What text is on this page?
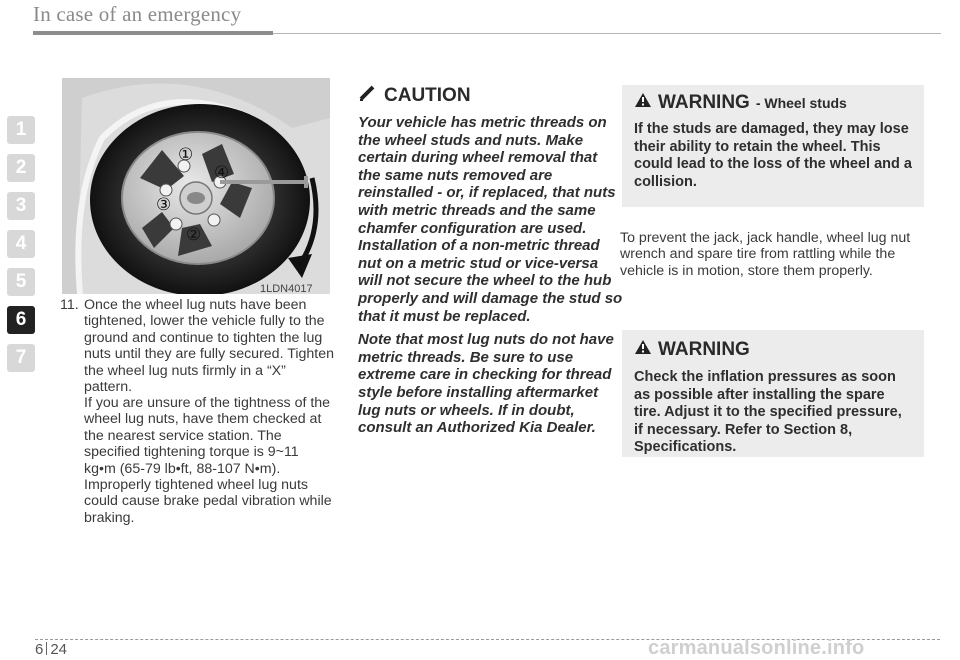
In case of an emergency
1
2
3
4
5
6
7
①
④
③
②
1LDN4017
11. Once the wheel lug nuts have been tightened, lower the vehicle fully to the ground and continue to tighten the lug nuts until they are fully secured. Tighten the wheel lug nuts firmly in a “X” pattern.
If you are unsure of the tightness of the wheel lug nuts, have them checked at the nearest service station. The specified tightening torque is 9~11 kg•m (65-79 lb•ft, 88-107 N•m). Improperly tightened wheel lug nuts could cause brake pedal vibration while braking.
CAUTION

Your vehicle has metric threads on the wheel studs and nuts. Make certain during wheel removal that the same nuts removed are reinstalled - or, if replaced, that nuts with metric threads and the same chamfer configuration are used. Installation of a non-metric thread nut on a metric stud or vice-versa will not secure the wheel to the hub properly and will damage the stud so that it must be replaced.

Note that most lug nuts do not have metric threads. Be sure to use extreme care in checking for thread style before installing aftermarket lug nuts or wheels. If in doubt, consult an Authorized Kia Dealer.

WARNING - Wheel studs
If the studs are damaged, they may lose their ability to retain the wheel. This could lead to the loss of the wheel and a collision.
To prevent the jack, jack handle, wheel lug nut wrench and spare tire from rattling while the vehicle is in motion, store them properly.
WARNING
Check the inflation pressures as soon as possible after installing the spare tire. Adjust it to the specified pressure, if necessary. Refer to Section 8, Specifications.
6 24	carmanualsonline.info
